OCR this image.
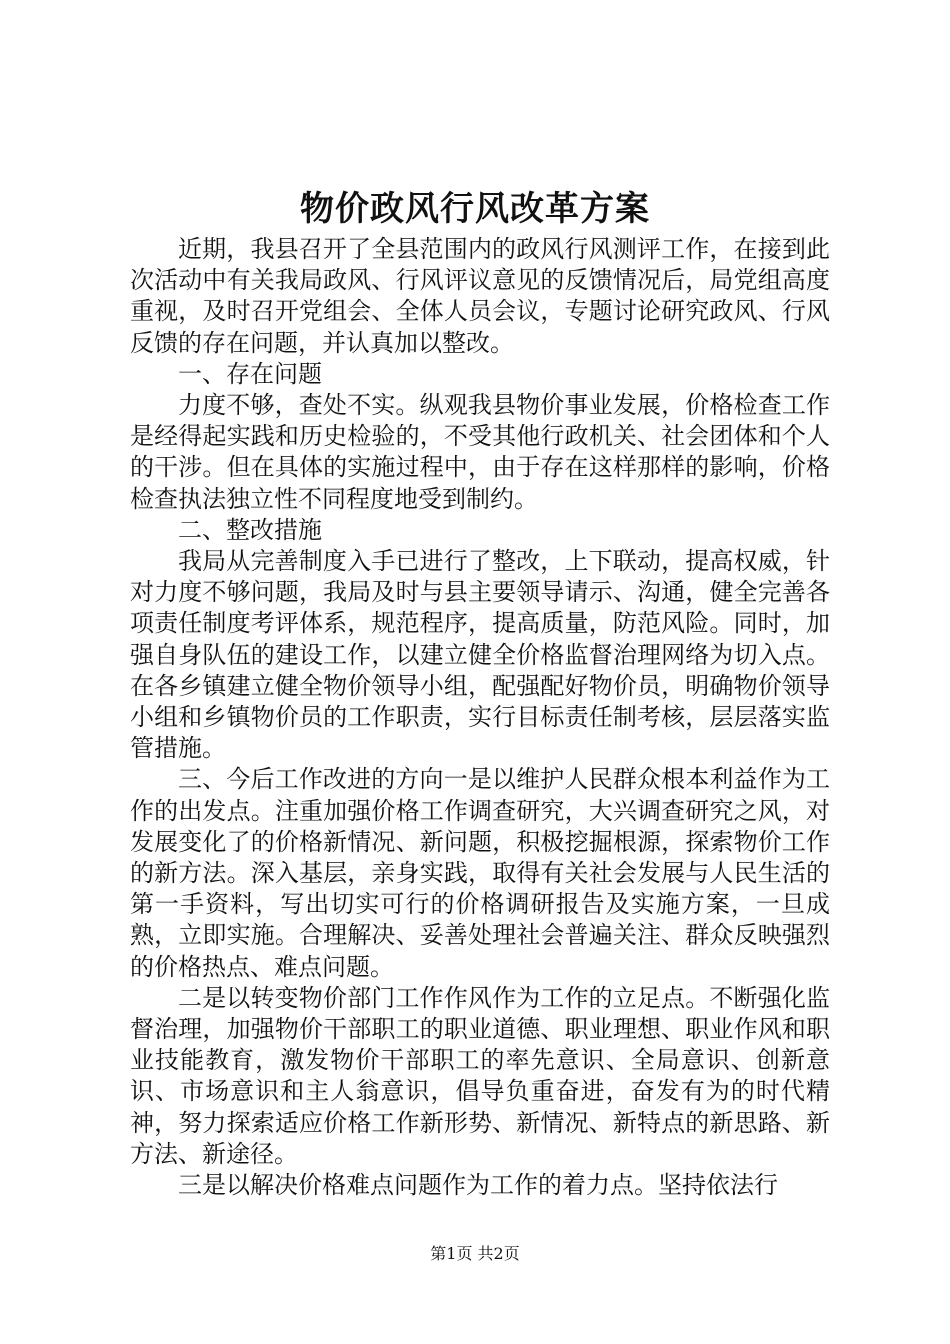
物价政风行风改革方案

近期，我县召开了全县范围内的政风行风测评工作，在接到此次活动中有关我局政风、行风评议意见的反馈情况后，局党组高度重视，及时召开党组会、全体人员会议，专题讨论研究政风、行风反馈的存在问题，并认真加以整改。

一、存在问题

力度不够，查处不实。纵观我县物价事业发展，价格检查工作是经得起实践和历史检验的，不受其他行政机关、社会团体和个人的干涉。但在具体的实施过程中，由于存在这样那样的影响，价格检查执法独立性不同程度地受到制约。

二、整改措施

我局从完善制度入手已进行了整改，上下联动，提高权威，针对力度不够问题，我局及时与县主要领导请示、沟通，健全完善各项责任制度考评体系，规范程序，提高质量，防范风险。同时，加强自身队伍的建设工作，以建立健全价格监督治理网络为切入点。在各乡镇建立健全物价领导小组，配强配好物价员，明确物价领导小组和乡镇物价员的工作职责，实行目标责任制考核，层层落实监管措施。

三、今后工作改进的方向一是以维护人民群众根本利益作为工作的出发点。注重加强价格工作调查研究，大兴调查研究之风，对发展变化了的价格新情况、新问题，积极挖掘根源，探索物价工作的新方法。深入基层，亲身实践，取得有关社会发展与人民生活的第一手资料，写出切实可行的价格调研报告及实施方案，一旦成熟，立即实施。合理解决、妥善处理社会普遍关注、群众反映强烈的价格热点、难点问题。

二是以转变物价部门工作作风作为工作的立足点。不断强化监督治理，加强物价干部职工的职业道德、职业理想、职业作风和职业技能教育，激发物价干部职工的率先意识、全局意识、创新意识、市场意识和主人翁意识，倡导负重奋进，奋发有为的时代精神，努力探索适应价格工作新形势、新情况、新特点的新思路、新方法、新途径。

三是以解决价格难点问题作为工作的着力点。坚持依法行

第1页 共2页
